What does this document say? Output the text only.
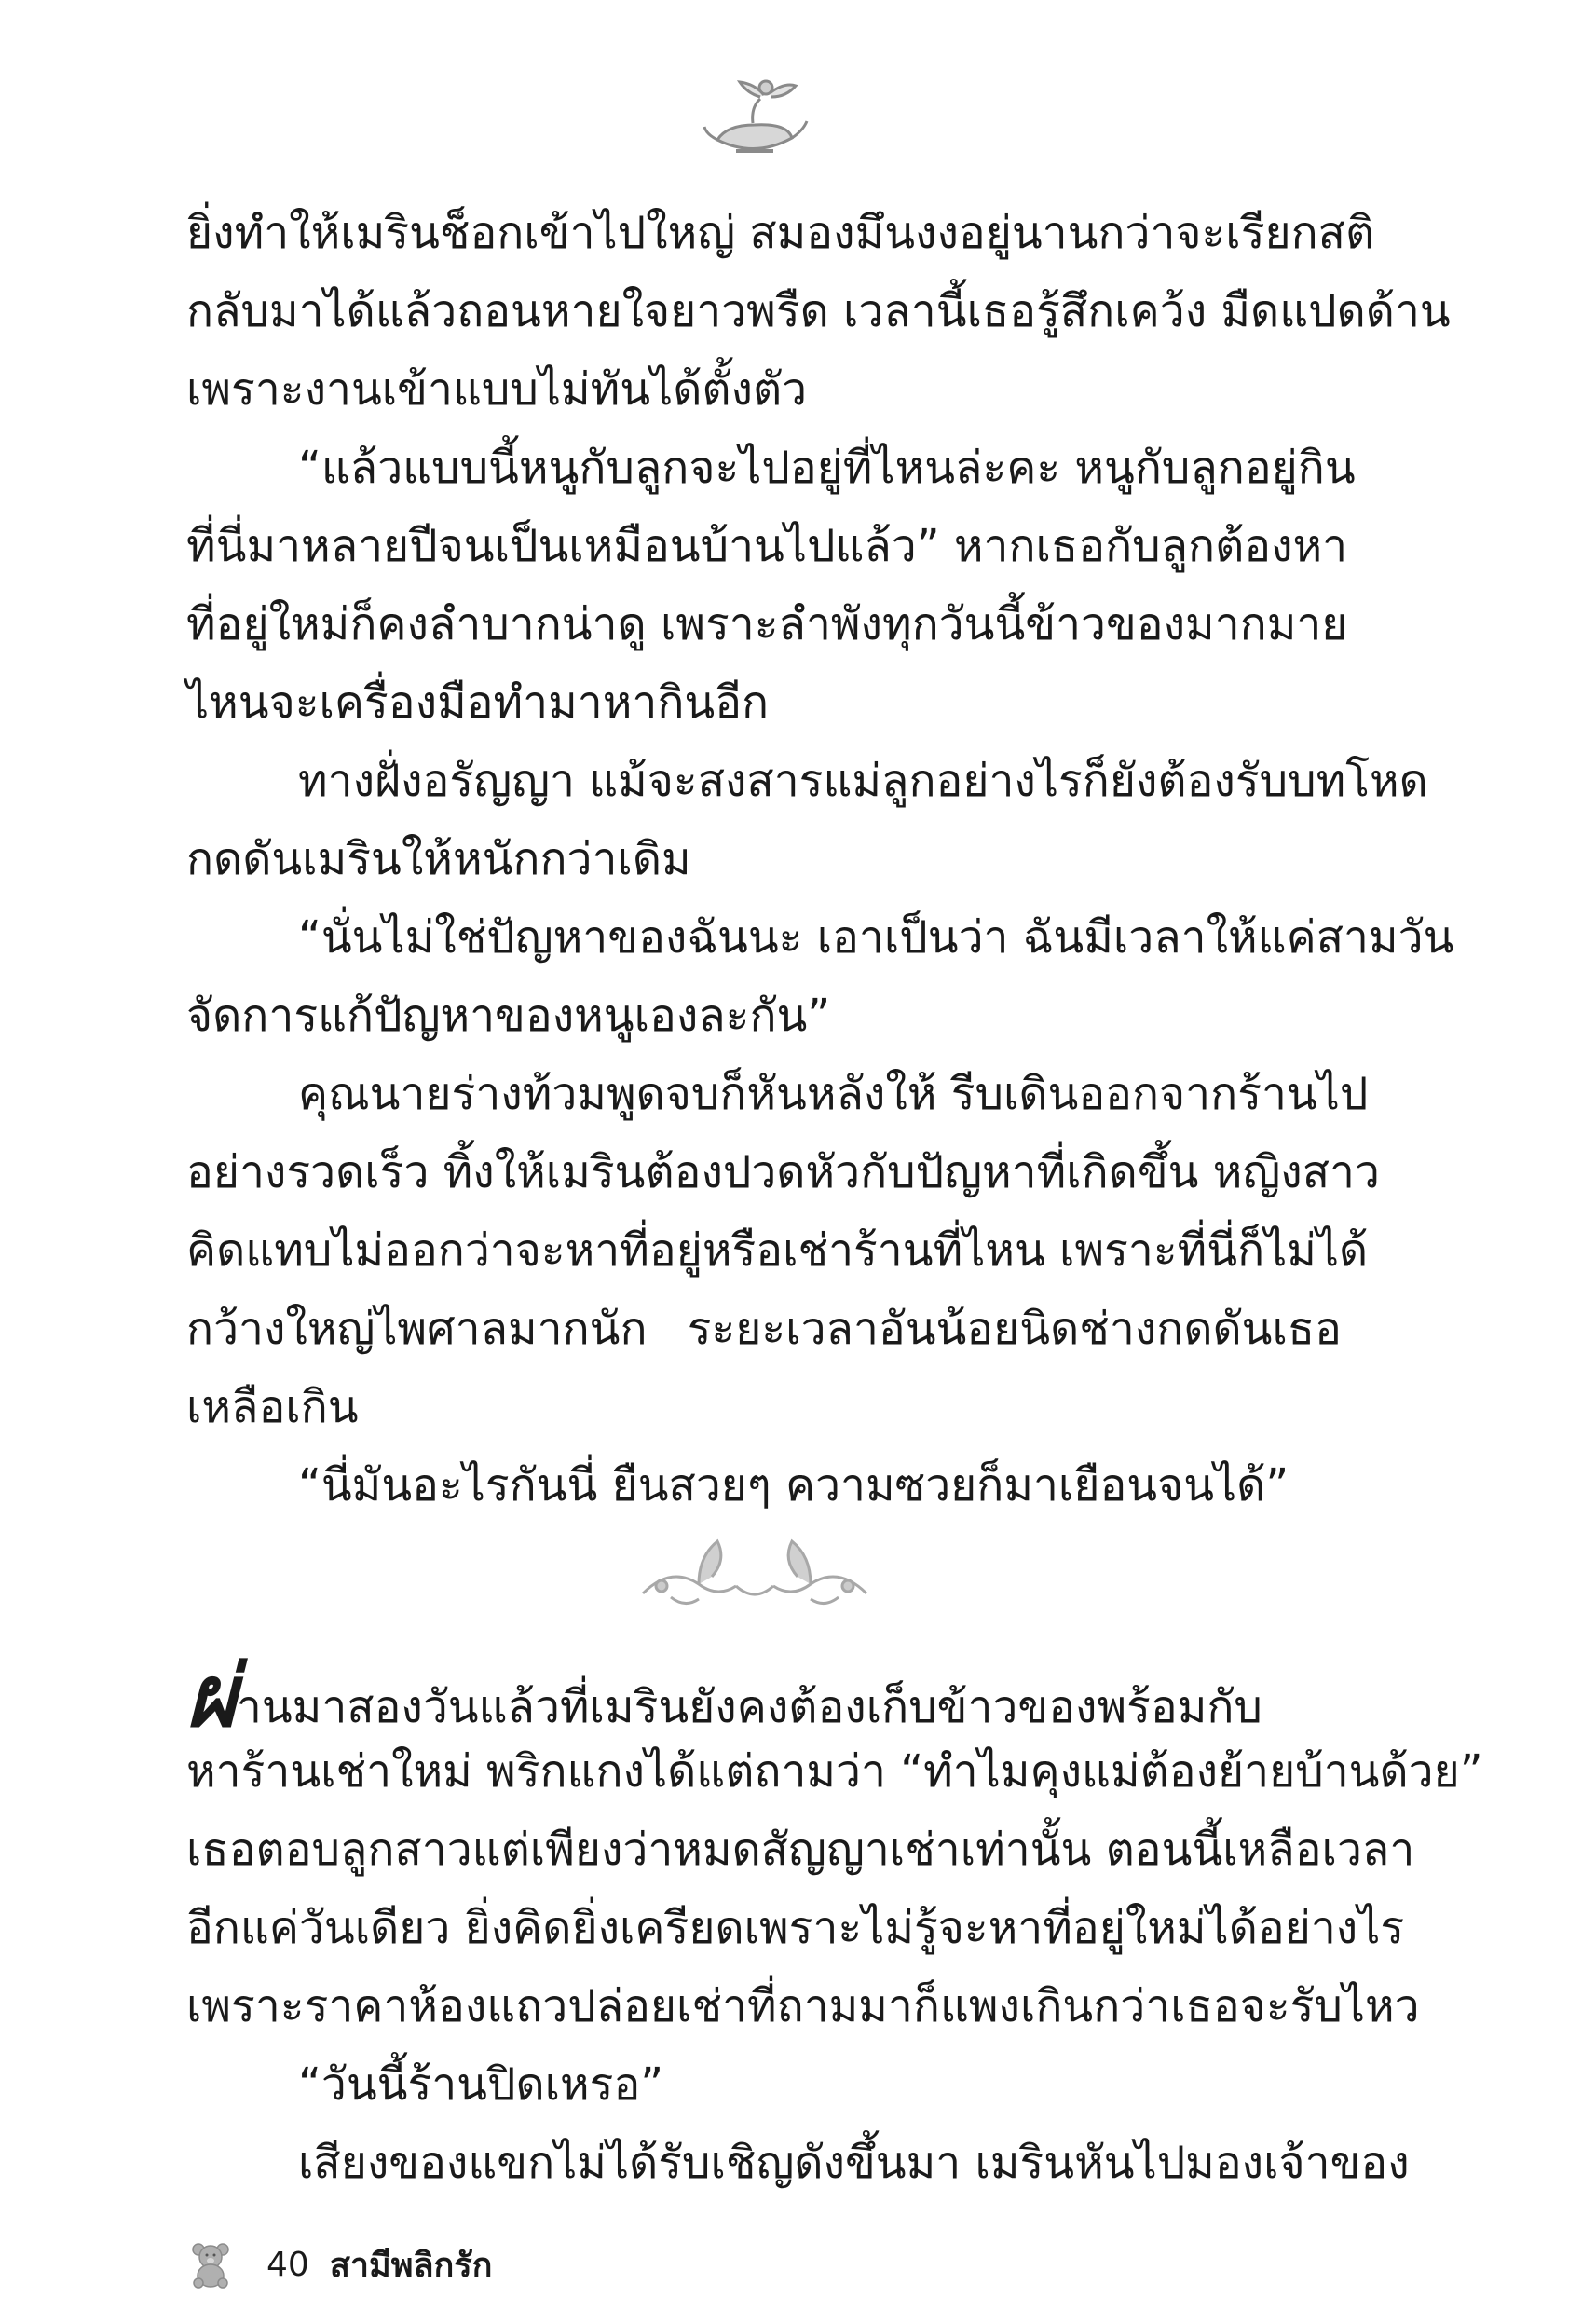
ยิ่งทำให้เมรินช็อกเข้าไปใหญ่ สมองมึนงงอยู่นานกว่าจะเรียกสติ
กลับมาได้แล้วถอนหายใจยาวพรืด เวลานี้เธอรู้สึกเคว้ง มืดแปดด้าน
เพราะงานเข้าแบบไม่ทันได้ตั้งตัว
“แล้วแบบนี้หนูกับลูกจะไปอยู่ที่ไหนล่ะคะ หนูกับลูกอยู่กิน
ที่นี่มาหลายปีจนเป็นเหมือนบ้านไปแล้ว” หากเธอกับลูกต้องหา
ที่อยู่ใหม่ก็คงลำบากน่าดู เพราะลำพังทุกวันนี้ข้าวของมากมาย
ไหนจะเครื่องมือทำมาหากินอีก
ทางฝั่งอรัญญา แม้จะสงสารแม่ลูกอย่างไรก็ยังต้องรับบทโหด
กดดันเมรินให้หนักกว่าเดิม
“นั่นไม่ใช่ปัญหาของฉันนะ เอาเป็นว่า ฉันมีเวลาให้แค่สามวัน
จัดการแก้ปัญหาของหนูเองละกัน”
คุณนายร่างท้วมพูดจบก็หันหลังให้ รีบเดินออกจากร้านไป
อย่างรวดเร็ว ทิ้งให้เมรินต้องปวดหัวกับปัญหาที่เกิดขึ้น หญิงสาว
คิดแทบไม่ออกว่าจะหาที่อยู่หรือเช่าร้านที่ไหน เพราะที่นี่ก็ไม่ได้
กว้างใหญ่ไพศาลมากนัก ระยะเวลาอันน้อยนิดช่างกดดันเธอ
เหลือเกิน
“นี่มันอะไรกันนี่ ยืนสวยๆ ความซวยก็มาเยือนจนได้”
ผ่านมาสองวันแล้วที่เมรินยังคงต้องเก็บข้าวของพร้อมกับ
หาร้านเช่าใหม่ พริกแกงได้แต่ถามว่า “ทำไมคุงแม่ต้องย้ายบ้านด้วย”
เธอตอบลูกสาวแต่เพียงว่าหมดสัญญาเช่าเท่านั้น ตอนนี้เหลือเวลา
อีกแค่วันเดียว ยิ่งคิดยิ่งเครียดเพราะไม่รู้จะหาที่อยู่ใหม่ได้อย่างไร
เพราะราคาห้องแถวปล่อยเช่าที่ถามมาก็แพงเกินกว่าเธอจะรับไหว
“วันนี้ร้านปิดเหรอ”
เสียงของแขกไม่ได้รับเชิญดังขึ้นมา เมรินหันไปมองเจ้าของ
40 สามีพลิกรัก
